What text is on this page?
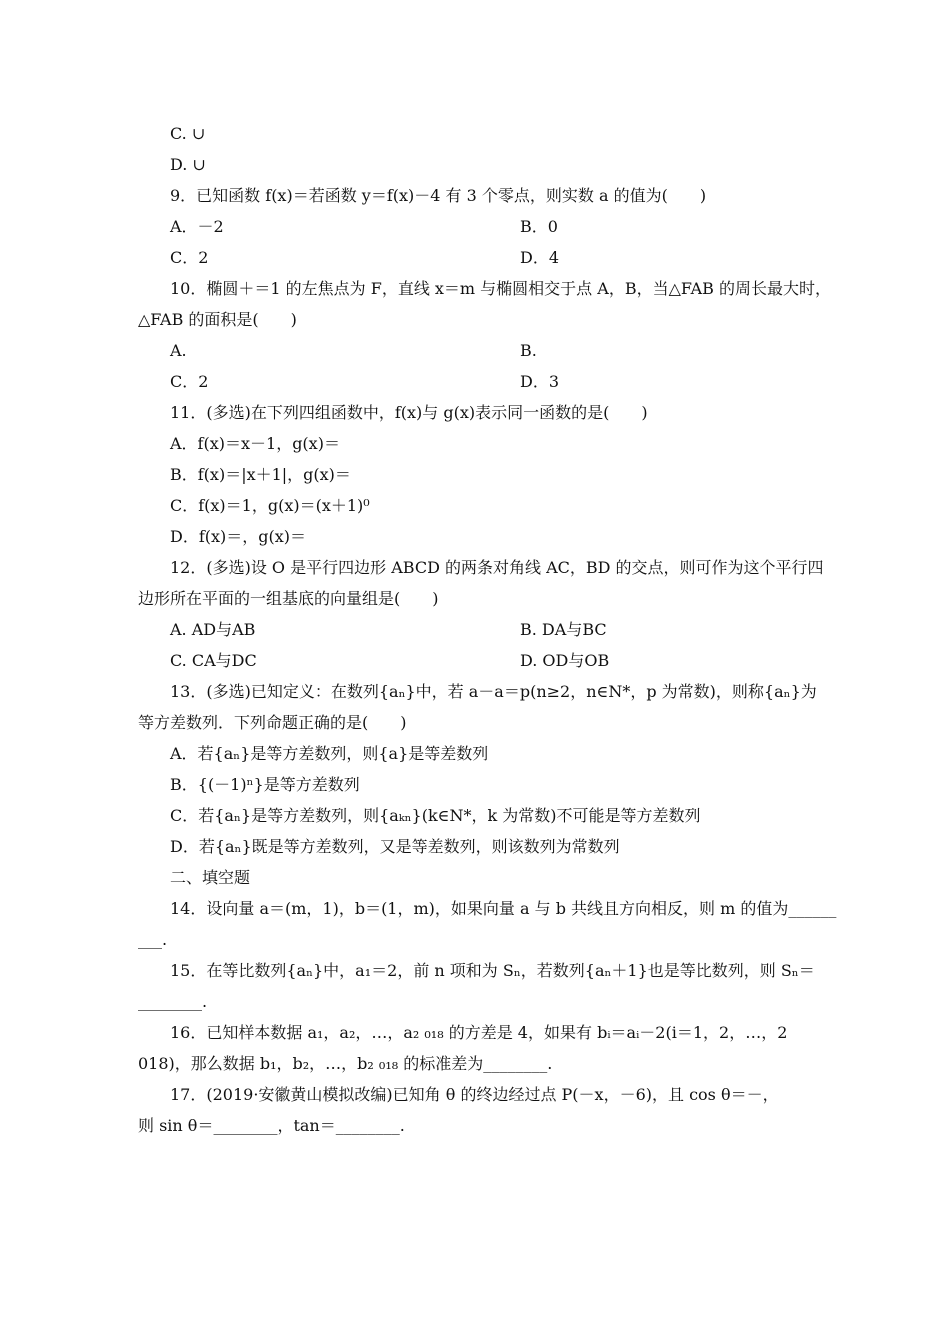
C. ∪
D. ∪
9．已知函数 f(x)＝若函数 y＝f(x)－4 有 3 个零点，则实数 a 的值为(　　)
A．－2	B．0
C．2	D．4
10．椭圆＋＝1 的左焦点为 F，直线 x＝m 与椭圆相交于点 A，B，当△FAB 的周长最大时，
△FAB 的面积是(　　)
A.	B.
C．2	D．3
11．(多选)在下列四组函数中，f(x)与 g(x)表示同一函数的是(　　)
A．f(x)＝x－1，g(x)＝
B．f(x)＝|x＋1|，g(x)＝
C．f(x)＝1，g(x)＝(x＋1)⁰
D．f(x)＝，g(x)＝
12．(多选)设 O 是平行四边形 ABCD 的两条对角线 AC，BD 的交点，则可作为这个平行四
边形所在平面的一组基底的向量组是(　　)
A. AD与AB	B. DA与BC
C. CA与DC	D. OD与OB
13．(多选)已知定义：在数列{aₙ}中，若 a－a＝p(n≥2，n∈N*，p 为常数)，则称{aₙ}为
等方差数列．下列命题正确的是(　　)
A．若{aₙ}是等方差数列，则{a}是等差数列
B．{(－1)ⁿ}是等方差数列
C．若{aₙ}是等方差数列，则{aₖₙ}(k∈N*，k 为常数)不可能是等方差数列
D．若{aₙ}既是等方差数列，又是等差数列，则该数列为常数列
二、填空题
14．设向量 a＝(m，1)，b＝(1，m)，如果向量 a 与 b 共线且方向相反，则 m 的值为______
___.
15．在等比数列{aₙ}中，a₁＝2，前 n 项和为 Sₙ，若数列{aₙ＋1}也是等比数列，则 Sₙ＝
________.
16．已知样本数据 a₁，a₂，…，a₂ ₀₁₈ 的方差是 4，如果有 bᵢ＝aᵢ－2(i＝1，2，…，2
018)，那么数据 b₁，b₂，…，b₂ ₀₁₈ 的标准差为________.
17．(2019·安徽黄山模拟改编)已知角 θ 的终边经过点 P(－x，－6)，且 cos θ＝－，
则 sin θ＝________，tan＝________.
